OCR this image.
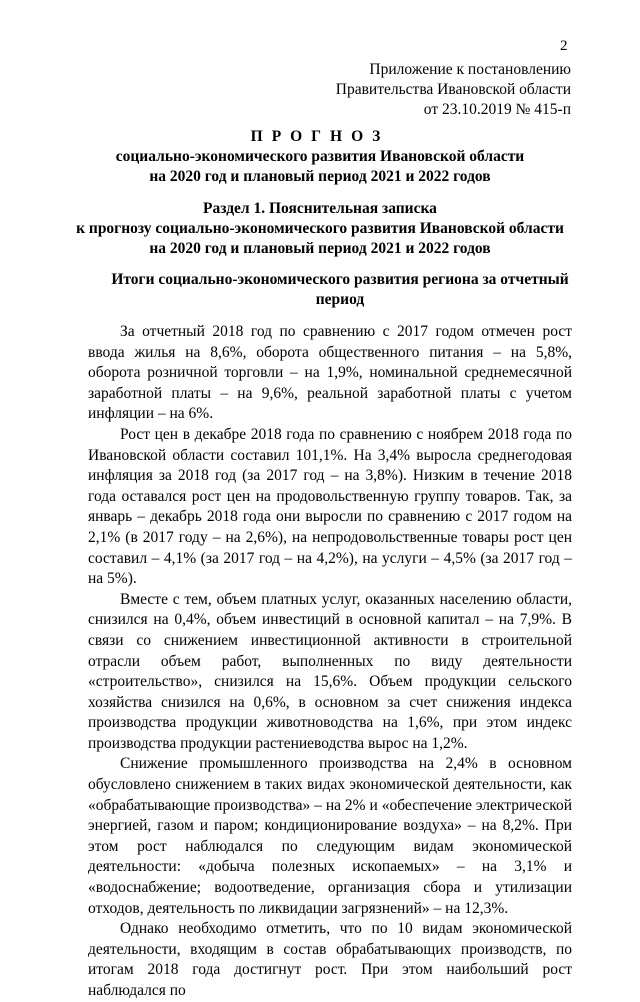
2
Приложение к постановлению
Правительства Ивановской области
от 23.10.2019 № 415-п
ПРОГНОЗ
социально-экономического развития Ивановской области
на 2020 год и плановый период 2021 и 2022 годов
Раздел 1. Пояснительная записка
к прогнозу социально-экономического развития Ивановской области
на 2020 год и плановый период 2021 и 2022 годов
Итоги социально-экономического развития региона за отчетный
период

За отчетный 2018 год по сравнению с 2017 годом отмечен рост ввода жилья на 8,6%, оборота общественного питания – на 5,8%, оборота розничной торговли – на 1,9%, номинальной среднемесячной заработной платы – на 9,6%, реальной заработной платы с учетом инфляции – на 6%.

Рост цен в декабре 2018 года по сравнению с ноябрем 2018 года по Ивановской области составил 101,1%. На 3,4% выросла среднегодовая инфляция за 2018 год (за 2017 год – на 3,8%). Низким в течение 2018 года оставался рост цен на продовольственную группу товаров. Так, за январь – декабрь 2018 года они выросли по сравнению с 2017 годом на 2,1% (в 2017 году – на 2,6%), на непродовольственные товары рост цен составил – 4,1% (за 2017 год – на 4,2%), на услуги – 4,5% (за 2017 год – на 5%).

Вместе с тем, объем платных услуг, оказанных населению области, снизился на 0,4%, объем инвестиций в основной капитал – на 7,9%. В связи со снижением инвестиционной активности в строительной отрасли объем работ, выполненных по виду деятельности «строительство», снизился на 15,6%. Объем продукции сельского хозяйства снизился на 0,6%, в основном за счет снижения индекса производства продукции животноводства на 1,6%, при этом индекс производства продукции растениеводства вырос на 1,2%.

Снижение промышленного производства на 2,4% в основном обусловлено снижением в таких видах экономической деятельности, как «обрабатывающие производства» – на 2% и «обеспечение электрической энергией, газом и паром; кондиционирование воздуха» – на 8,2%. При этом рост наблюдался по следующим видам экономической деятельности: «добыча полезных ископаемых» – на 3,1% и «водоснабжение; водоотведение, организация сбора и утилизации отходов, деятельность по ликвидации загрязнений» – на 12,3%.

Однако необходимо отметить, что по 10 видам экономической деятельности, входящим в состав обрабатывающих производств, по итогам 2018 года достигнут рост. При этом наибольший рост наблюдался по
